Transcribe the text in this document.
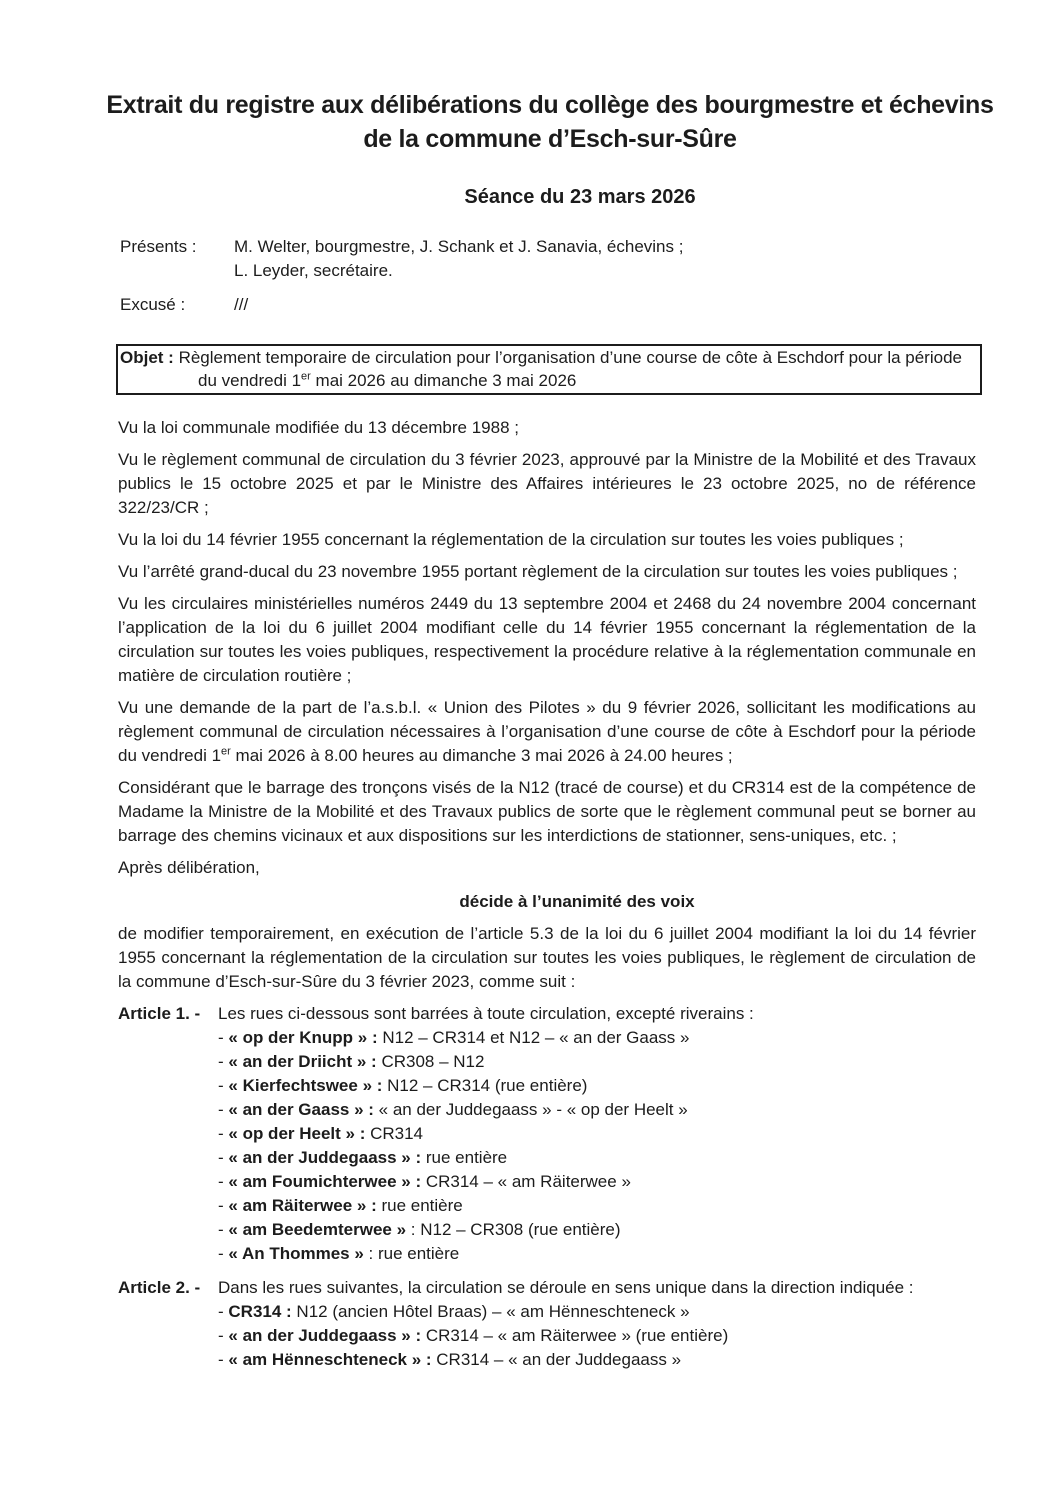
Extrait du registre aux délibérations du collège des bourgmestre et échevins de la commune d’Esch-sur-Sûre
Séance du 23 mars 2026
Présents :	M. Welter, bourgmestre, J. Schank et J. Sanavia, échevins ;
L. Leyder, secrétaire.
Excusé :	///
Objet : Règlement temporaire de circulation pour l’organisation d’une course de côte à Eschdorf pour la période
du vendredi 1er mai 2026 au dimanche 3 mai 2026

Vu la loi communale modifiée du 13 décembre 1988 ;

Vu le règlement communal de circulation du 3 février 2023, approuvé par la Ministre de la Mobilité et des Travaux publics le 15 octobre 2025 et par le Ministre des Affaires intérieures le 23 octobre 2025, no de référence 322/23/CR ;

Vu la loi du 14 février 1955 concernant la réglementation de la circulation sur toutes les voies publiques ;

Vu l’arrêté grand-ducal du 23 novembre 1955 portant règlement de la circulation sur toutes les voies publiques ;

Vu les circulaires ministérielles numéros 2449 du 13 septembre 2004 et 2468 du 24 novembre 2004 concernant l’application de la loi du 6 juillet 2004 modifiant celle du 14 février 1955 concernant la réglementation de la circulation sur toutes les voies publiques, respectivement la procédure relative à la réglementation communale en matière de circulation routière ;

Vu une demande de la part de l’a.s.b.l. « Union des Pilotes » du 9 février 2026, sollicitant les modifications au règlement communal de circulation nécessaires à l’organisation d’une course de côte à Eschdorf pour la période du vendredi 1er mai 2026 à 8.00 heures au dimanche 3 mai 2026 à 24.00 heures ;

Considérant que le barrage des tronçons visés de la N12 (tracé de course) et du CR314 est de la compétence de Madame la Ministre de la Mobilité et des Travaux publics de sorte que le règlement communal peut se borner au barrage des chemins vicinaux et aux dispositions sur les interdictions de stationner, sens-uniques, etc. ;

Après délibération,

décide à l’unanimité des voix

de modifier temporairement, en exécution de l’article 5.3 de la loi du 6 juillet 2004 modifiant la loi du 14 février 1955 concernant la réglementation de la circulation sur toutes les voies publiques, le règlement de circulation de la commune d’Esch-sur-Sûre du 3 février 2023, comme suit :

Article 1. -	Les rues ci-dessous sont barrées à toute circulation, excepté riverains :
- « op der Knupp » : N12 – CR314 et N12 – « an der Gaass »
- « an der Driicht » : CR308 – N12
- « Kierfechtswee » : N12 – CR314 (rue entière)
- « an der Gaass » : « an der Juddegaass » - « op der Heelt »
- « op der Heelt » : CR314
- « an der Juddegaass » : rue entière
- « am Foumichterwee » : CR314 – « am Räiterwee »
- « am Räiterwee » : rue entière
- « am Beedemterwee » : N12 – CR308 (rue entière)
- « An Thommes » : rue entière
Article 2. -	Dans les rues suivantes, la circulation se déroule en sens unique dans la direction indiquée :
- CR314 : N12 (ancien Hôtel Braas) – « am Hënneschteneck »
- « an der Juddegaass » : CR314 – « am Räiterwee » (rue entière)
- « am Hënneschteneck » : CR314 – « an der Juddegaass »
